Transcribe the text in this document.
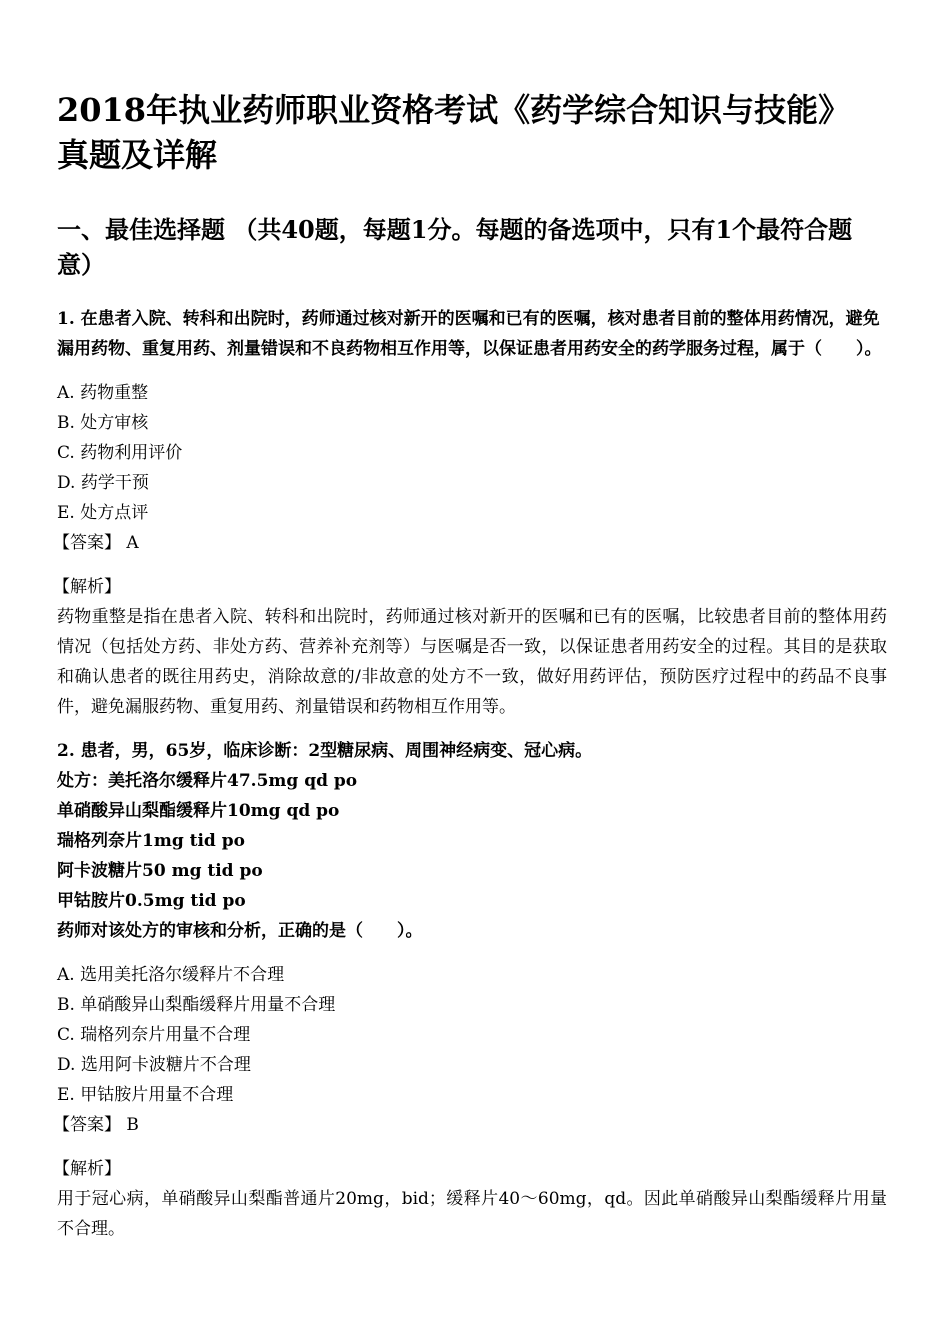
2018年执业药师职业资格考试《药学综合知识与技能》真题及详解
一、最佳选择题 （共40题，每题1分。每题的备选项中，只有1个最符合题意）

1. 在患者入院、转科和出院时，药师通过核对新开的医嘱和已有的医嘱，核对患者目前的整体用药情况，避免漏用药物、重复用药、剂量错误和不良药物相互作用等，以保证患者用药安全的药学服务过程，属于（　　）。

A. 药物重整
B. 处方审核
C. 药物利用评价
D. 药学干预
E. 处方点评
【答案】 A
【解析】

药物重整是指在患者入院、转科和出院时，药师通过核对新开的医嘱和已有的医嘱，比较患者目前的整体用药情况（包括处方药、非处方药、营养补充剂等）与医嘱是否一致，以保证患者用药安全的过程。其目的是获取和确认患者的既往用药史，消除故意的/非故意的处方不一致，做好用药评估，预防医疗过程中的药品不良事件，避免漏服药物、重复用药、剂量错误和药物相互作用等。

2. 患者，男，65岁，临床诊断：2型糖尿病、周围神经病变、冠心病。
处方：美托洛尔缓释片47.5mg qd po
单硝酸异山梨酯缓释片10mg qd po
瑞格列奈片1mg tid po
阿卡波糖片50 mg tid po
甲钴胺片0.5mg tid po
药师对该处方的审核和分析，正确的是（　　）。
A. 选用美托洛尔缓释片不合理
B. 单硝酸异山梨酯缓释片用量不合理
C. 瑞格列奈片用量不合理
D. 选用阿卡波糖片不合理
E. 甲钴胺片用量不合理
【答案】 B
【解析】

用于冠心病，单硝酸异山梨酯普通片20mg，bid；缓释片40～60mg，qd。因此单硝酸异山梨酯缓释片用量不合理。
